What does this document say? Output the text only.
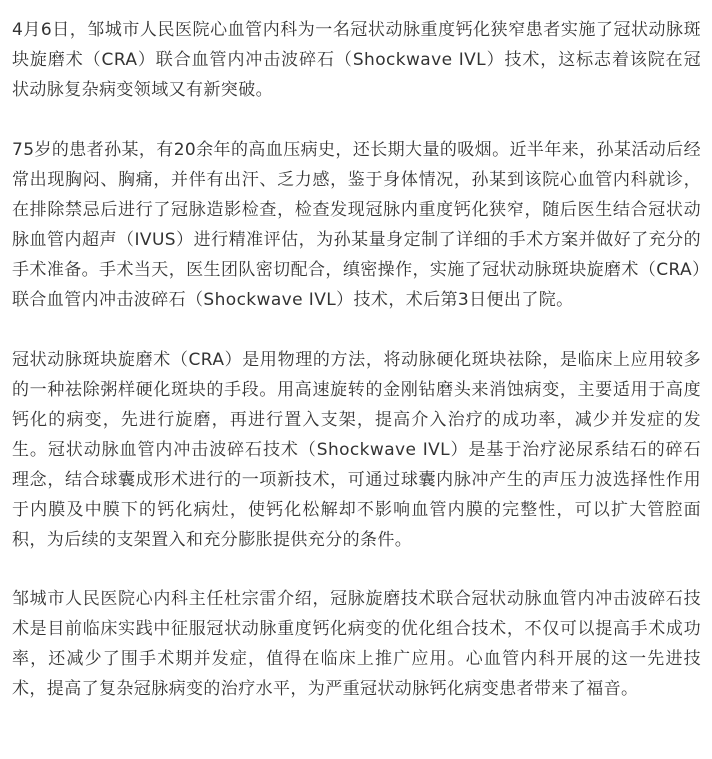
4月6日，邹城市人民医院心血管内科为一名冠状动脉重度钙化狭窄患者实施了冠状动脉斑块旋磨术（CRA）联合血管内冲击波碎石（Shockwave IVL）技术，这标志着该院在冠状动脉复杂病变领域又有新突破。

75岁的患者孙某，有20余年的高血压病史，还长期大量的吸烟。近半年来，孙某活动后经常出现胸闷、胸痛，并伴有出汗、乏力感，鉴于身体情况，孙某到该院心血管内科就诊，在排除禁忌后进行了冠脉造影检查，检查发现冠脉内重度钙化狭窄，随后医生结合冠状动脉血管内超声（IVUS）进行精准评估，为孙某量身定制了详细的手术方案并做好了充分的手术准备。手术当天，医生团队密切配合，缜密操作，实施了冠状动脉斑块旋磨术（CRA）联合血管内冲击波碎石（Shockwave IVL）技术，术后第3日便出了院。

冠状动脉斑块旋磨术（CRA）是用物理的方法，将动脉硬化斑块祛除，是临床上应用较多的一种祛除粥样硬化斑块的手段。用高速旋转的金刚钻磨头来消蚀病变，主要适用于高度钙化的病变，先进行旋磨，再进行置入支架，提高介入治疗的成功率，减少并发症的发生。冠状动脉血管内冲击波碎石技术（Shockwave IVL）是基于治疗泌尿系结石的碎石理念，结合球囊成形术进行的一项新技术，可通过球囊内脉冲产生的声压力波选择性作用于内膜及中膜下的钙化病灶，使钙化松解却不影响血管内膜的完整性，可以扩大管腔面积，为后续的支架置入和充分膨胀提供充分的条件。

邹城市人民医院心内科主任杜宗雷介绍，冠脉旋磨技术联合冠状动脉血管内冲击波碎石技术是目前临床实践中征服冠状动脉重度钙化病变的优化组合技术，不仅可以提高手术成功率，还减少了围手术期并发症，值得在临床上推广应用。心血管内科开展的这一先进技术，提高了复杂冠脉病变的治疗水平，为严重冠状动脉钙化病变患者带来了福音。
